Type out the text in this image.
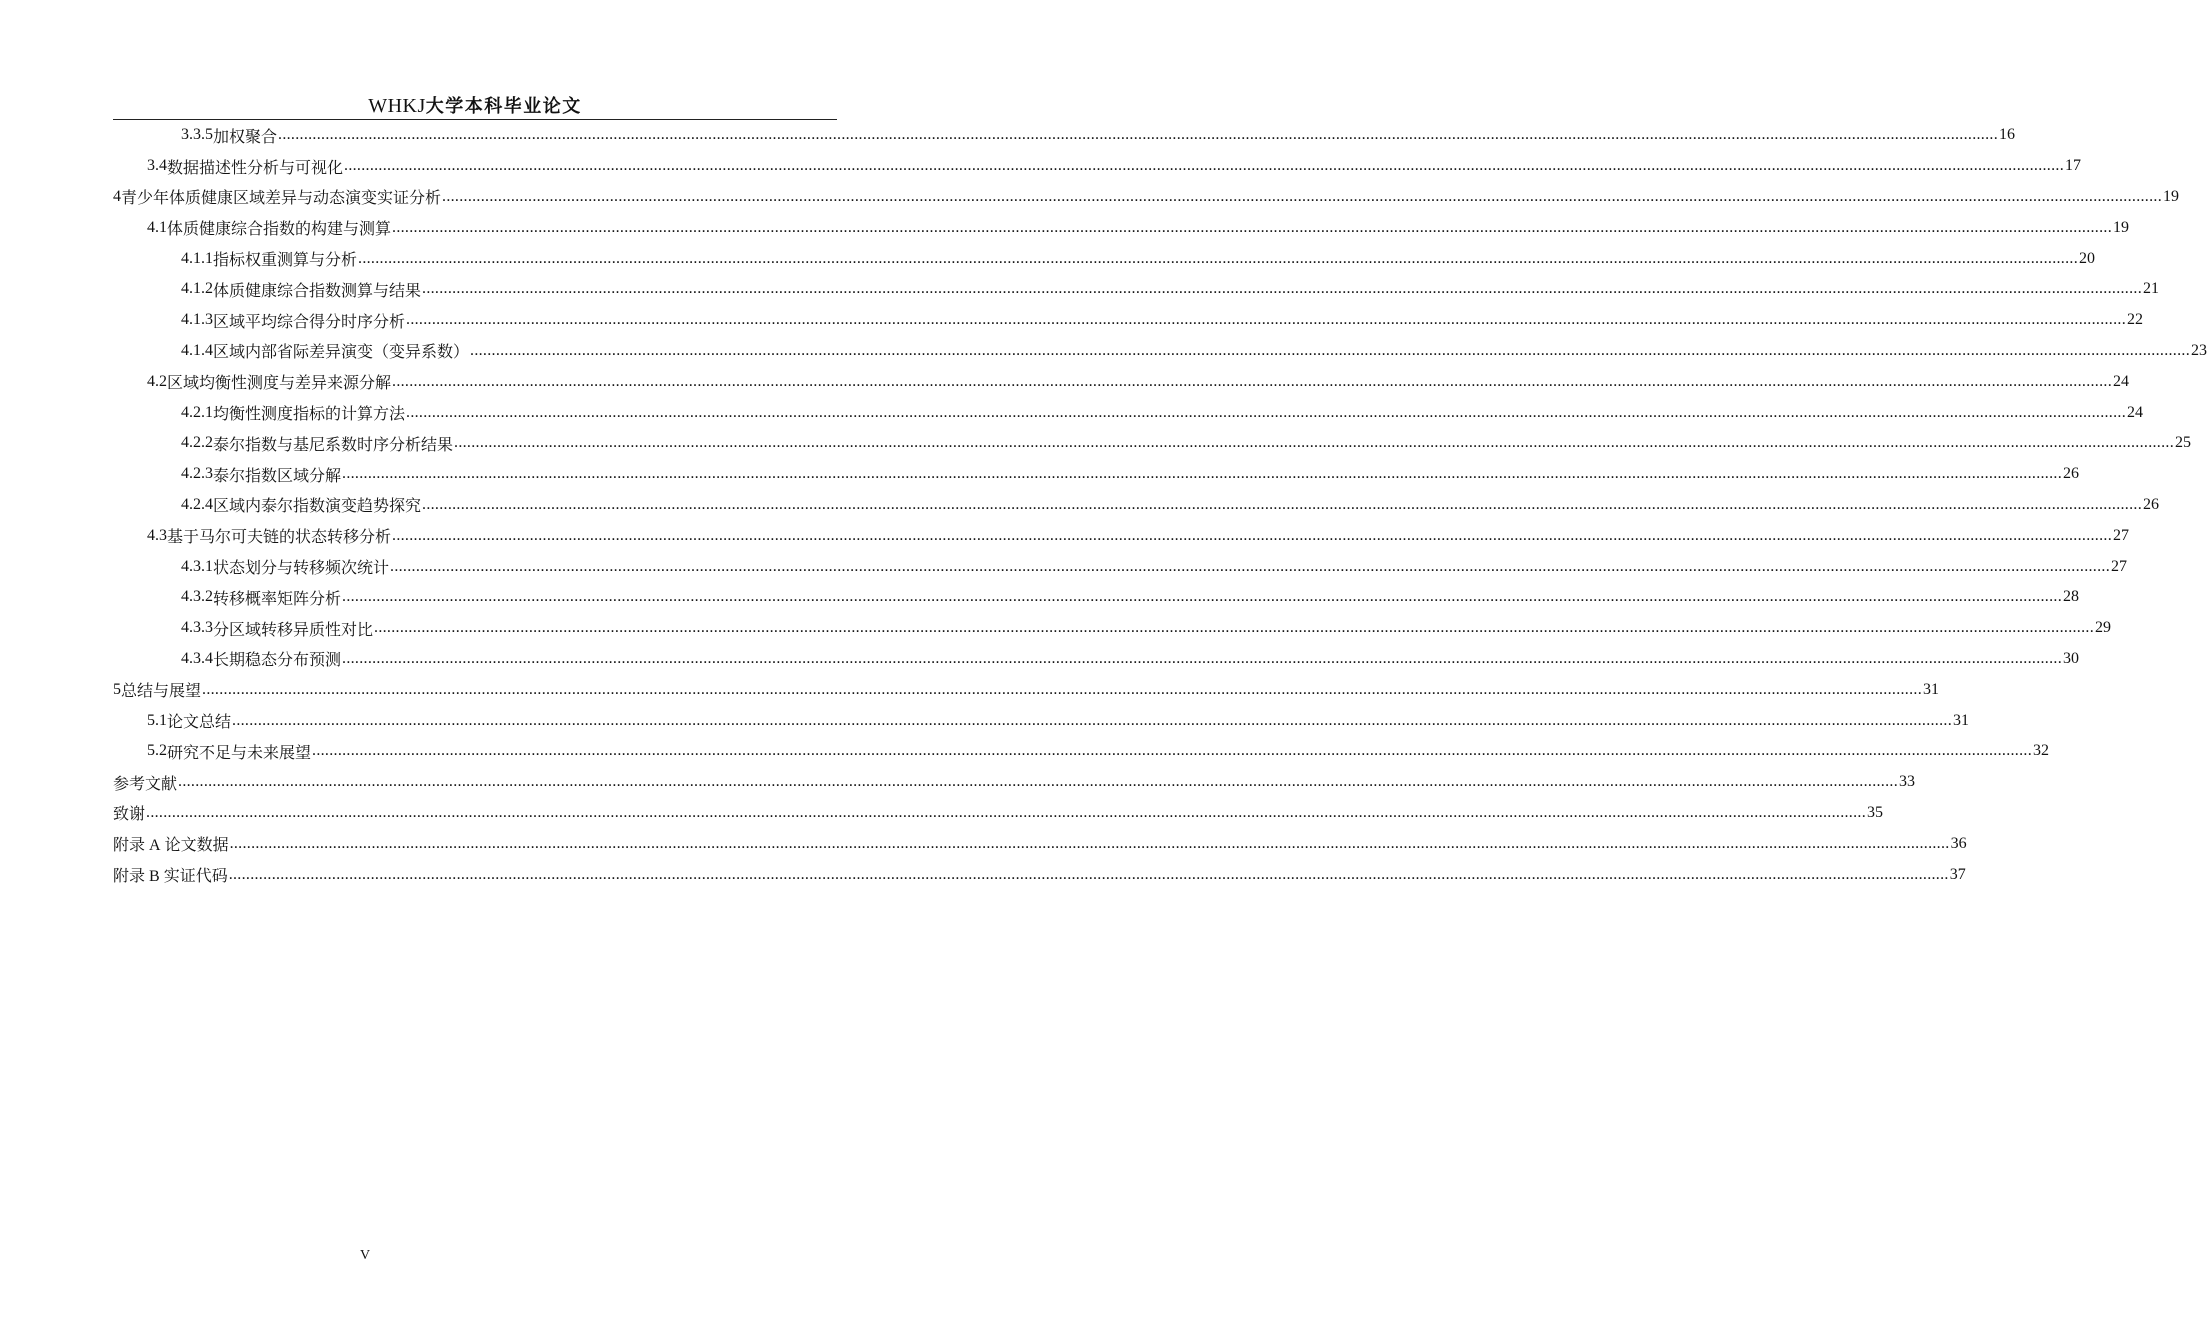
WHKJ大学本科毕业论文
3.3.5 加权聚合 ................................................................................................................................................................................................................................................................................................................................................................................................................ 16
3.4 数据描述性分析与可视化 ................................................................................................................................................................................................................................................................................................................................................................................................................ 17
4 青少年体质健康区域差异与动态演变实证分析 ................................................................................................................................................................................................................................................................................................................................................................................................................ 19
4.1 体质健康综合指数的构建与测算 ................................................................................................................................................................................................................................................................................................................................................................................................................ 19
4.1.1 指标权重测算与分析 ................................................................................................................................................................................................................................................................................................................................................................................................................ 20
4.1.2 体质健康综合指数测算与结果 ................................................................................................................................................................................................................................................................................................................................................................................................................ 21
4.1.3 区域平均综合得分时序分析 ................................................................................................................................................................................................................................................................................................................................................................................................................ 22
4.1.4 区域内部省际差异演变（变异系数） ................................................................................................................................................................................................................................................................................................................................................................................................................ 23
4.2 区域均衡性测度与差异来源分解 ................................................................................................................................................................................................................................................................................................................................................................................................................ 24
4.2.1 均衡性测度指标的计算方法 ................................................................................................................................................................................................................................................................................................................................................................................................................ 24
4.2.2 泰尔指数与基尼系数时序分析结果 ................................................................................................................................................................................................................................................................................................................................................................................................................ 25
4.2.3 泰尔指数区域分解 ................................................................................................................................................................................................................................................................................................................................................................................................................ 26
4.2.4 区域内泰尔指数演变趋势探究 ................................................................................................................................................................................................................................................................................................................................................................................................................ 26
4.3 基于马尔可夫链的状态转移分析 ................................................................................................................................................................................................................................................................................................................................................................................................................ 27
4.3.1 状态划分与转移频次统计 ................................................................................................................................................................................................................................................................................................................................................................................................................ 27
4.3.2 转移概率矩阵分析 ................................................................................................................................................................................................................................................................................................................................................................................................................ 28
4.3.3 分区域转移异质性对比 ................................................................................................................................................................................................................................................................................................................................................................................................................ 29
4.3.4 长期稳态分布预测 ................................................................................................................................................................................................................................................................................................................................................................................................................ 30
5 总结与展望 ................................................................................................................................................................................................................................................................................................................................................................................................................ 31
5.1 论文总结 ................................................................................................................................................................................................................................................................................................................................................................................................................ 31
5.2 研究不足与未来展望 ................................................................................................................................................................................................................................................................................................................................................................................................................ 32
参考文献 ................................................................................................................................................................................................................................................................................................................................................................................................................ 33
致谢 ................................................................................................................................................................................................................................................................................................................................................................................................................ 35
附录 A 论文数据 ................................................................................................................................................................................................................................................................................................................................................................................................................ 36
附录 B 实证代码 ................................................................................................................................................................................................................................................................................................................................................................................................................ 37
V
